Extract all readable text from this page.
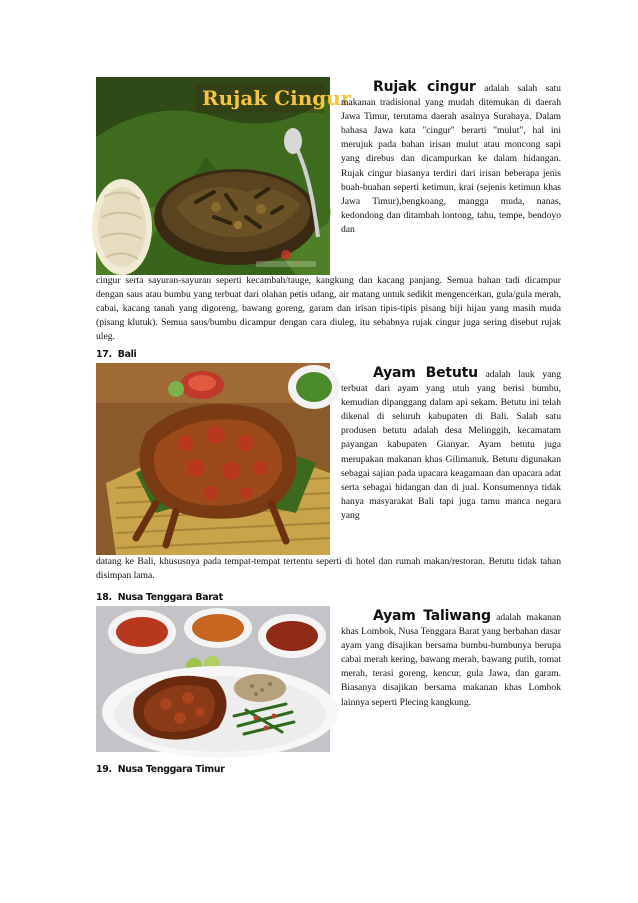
Rujak Cingur	Rujak cingur adalah salah satu makanan tradisional yang mudah ditemukan di daerah Jawa Timur, terutama daerah asalnya Surabaya. Dalam bahasa Jawa kata "cingur" berarti "mulut", hal ini merujuk pada bahan irisan mulut atau moncong sapi yang direbus dan dicampurkan ke dalam hidangan. Rujak cingur biasanya terdiri dari irisan beberapa jenis buah-buahan seperti ketimun, krai (sejenis ketimun khas Jawa Timur),bengkoang, mangga muda, nanas, kedondong dan ditambah lontong, tahu, tempe, bendoyo dan

cingur serta sayuran-sayuran seperti kecambah/tauge, kangkung dan kacang panjang. Semua bahan tadi dicampur dengan saus atau bumbu yang terbuat dari olahan petis udang, air matang untuk sedikit mengencerkan, gula/gula merah, cabai, kacang tanah yang digoreng, bawang goreng, garam dan irisan tipis-tipis pisang biji hijau yang masih muda (pisang klutuk). Semua saus/bumbu dicampur dengan cara diuleg, itu sebabnya rujak cingur juga sering disebut rujak uleg.

17. Bali

Ayam Betutu adalah lauk yang terbuat dari ayam yang utuh yang berisi bumbu, kemudian dipanggang dalam api sekam. Betutu ini telah dikenal di seluruh kabupaten di Bali. Salah satu produsen betutu adalah desa Melinggih, kecamatam payangan kabupaten Gianyar. Ayam betutu juga merupakan makanan khas Gilimanuk. Betutu digunakan sebagai sajian pada upacara keagamaan dan upacara adat serta sebagai hidangan dan di jual. Konsumennya tidak hanya masyarakat Bali tapi juga tamu manca negara yang

datang ke Bali, khususnya pada tempat-tempat tertentu seperti di hotel dan rumah makan/restoran. Betutu tidak tahan disimpan lama.

18. Nusa Tenggara Barat

Ayam Taliwang adalah makanan khas Lombok, Nusa Tenggara Barat yang berbahan dasar ayam yang disajikan bersama bumbu-bumbunya berupa cabai merah kering, bawang merah, bawang putih, tomat merah, terasi goreng, kencur, gula Jawa, dan garam. Biasanya disajikan bersama makanan khas Lombok lainnya seperti Plecing kangkung.

19. Nusa Tenggara Timur
